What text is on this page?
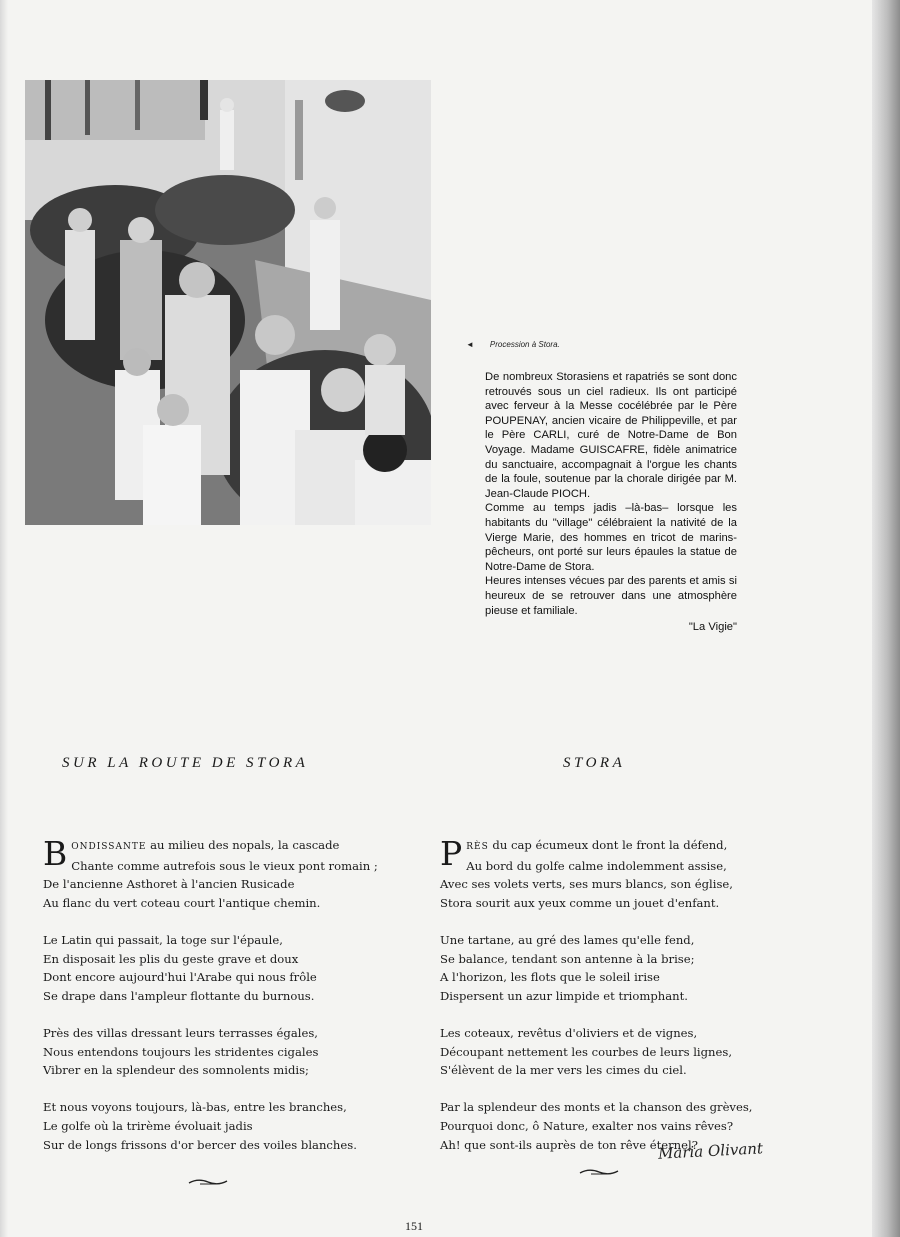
◄ Procession à Stora.

De nombreux Storasiens et rapatriés se sont donc retrouvés sous un ciel radieux. Ils ont participé avec ferveur à la Messe cocélébrée par le Père POUPENAY, ancien vicaire de Philippeville, et par le Père CARLI, curé de Notre-Dame de Bon Voyage. Madame GUISCAFRE, fidèle animatrice du sanctuaire, accompagnait à l'orgue les chants de la foule, soutenue par la chorale dirigée par M. Jean-Claude PIOCH.

Comme au temps jadis –là-bas– lorsque les habitants du "village" célébraient la nativité de la Vierge Marie, des hommes en tricot de marins-pêcheurs, ont porté sur leurs épaules la statue de Notre-Dame de Stora.

Heures intenses vécues par des parents et amis si heureux de se retrouver dans une atmosphère pieuse et familiale.

"La Vigie"

SUR LA ROUTE DE STORA	STORA
B ONDISSANTE au milieu des nopals, la cascade
Chante comme autrefois sous le vieux pont romain ;
De l'ancienne Asthoret à l'ancien Rusicade
Au flanc du vert coteau court l'antique chemin.
Le Latin qui passait, la toge sur l'épaule,
En disposait les plis du geste grave et doux
Dont encore aujourd'hui l'Arabe qui nous frôle
Se drape dans l'ampleur flottante du burnous.
Près des villas dressant leurs terrasses égales,
Nous entendons toujours les stridentes cigales
Vibrer en la splendeur des somnolents midis;
Et nous voyons toujours, là-bas, entre les branches,
Le golfe où la trirème évoluait jadis
Sur de longs frissons d'or bercer des voiles blanches.
P RÈS du cap écumeux dont le front la défend,
Au bord du golfe calme indolemment assise,
Avec ses volets verts, ses murs blancs, son église,
Stora sourit aux yeux comme un jouet d'enfant.
Une tartane, au gré des lames qu'elle fend,
Se balance, tendant son antenne à la brise;
A l'horizon, les flots que le soleil irise
Dispersent un azur limpide et triomphant.
Les coteaux, revêtus d'oliviers et de vignes,
Découpant nettement les courbes de leurs lignes,
S'élèvent de la mer vers les cimes du ciel.
Par la splendeur des monts et la chanson des grèves,
Pourquoi donc, ô Nature, exalter nos vains rêves?
Ah! que sont-ils auprès de ton rêve éternel?
Maria Olivant
151
